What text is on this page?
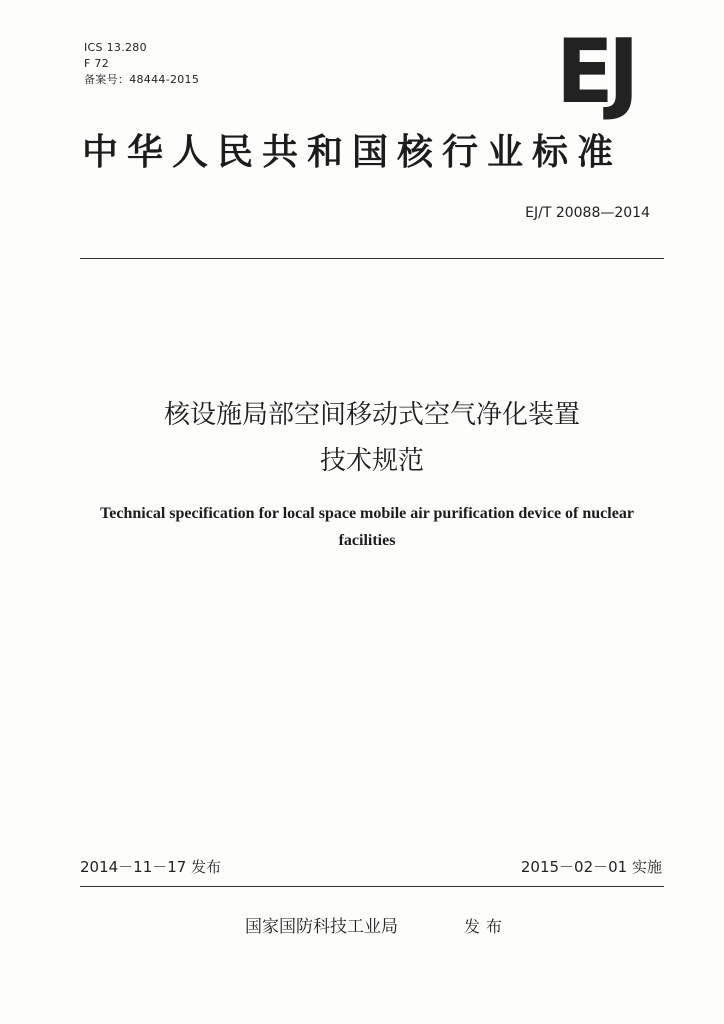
ICS 13.280
F 72
备案号：48444-2015	EJ
中华人民共和国核行业标准
EJ/T 20088—2014
核设施局部空间移动式空气净化装置
技术规范
Technical specification for local space mobile air purification device of nuclear facilities
2014－11－17 发布	2015－02－01 实施
国家国防科技工业局	发布
